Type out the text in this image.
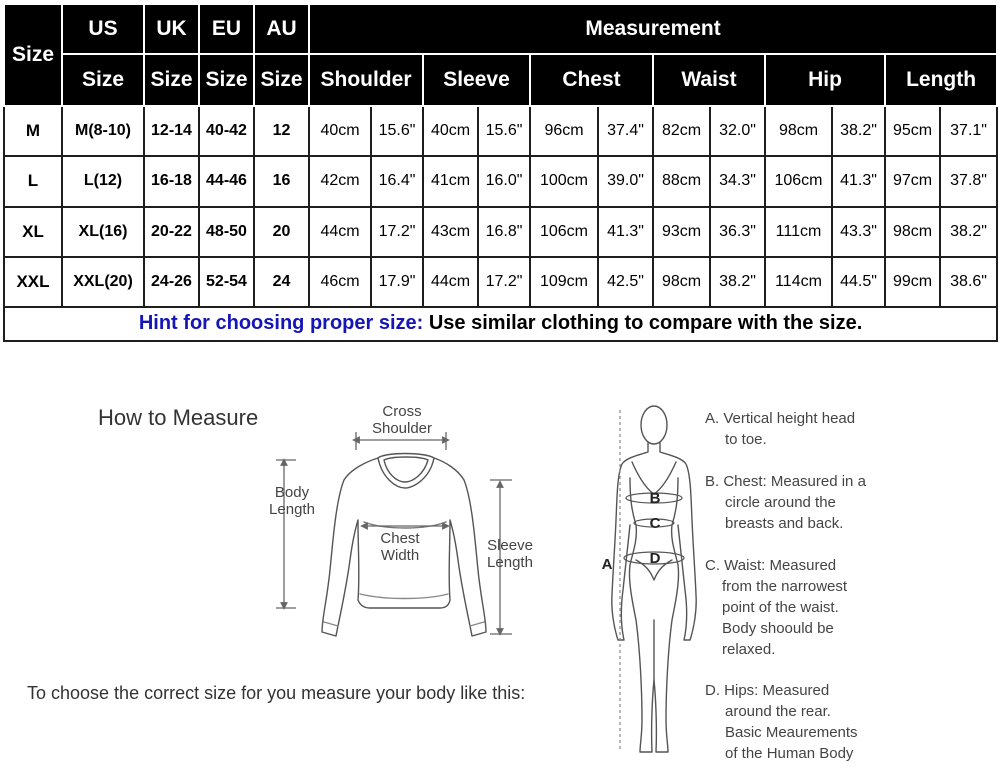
Size	US	UK	EU	AU	Measurement											
	Size	Size	Size	Size	Shoulder		Sleeve		Chest		Waist		Hip		Length	
M	M(8-10)	12-14	40-42	12	40cm	15.6"	40cm	15.6"	96cm	37.4"	82cm	32.0"	98cm	38.2"	95cm	37.1"
L	L(12)	16-18	44-46	16	42cm	16.4"	41cm	16.0"	100cm	39.0"	88cm	34.3"	106cm	41.3"	97cm	37.8"
XL	XL(16)	20-22	48-50	20	44cm	17.2"	43cm	16.8"	106cm	41.3"	93cm	36.3"	111cm	43.3"	98cm	38.2"
XXL	XXL(20)	24-26	52-54	24	46cm	17.9"	44cm	17.2"	109cm	42.5"	98cm	38.2"	114cm	44.5"	99cm	38.6"
Hint for choosing proper size: Use similar clothing to compare with the size.																
How to Measure	Cross
Shoulder
Body
Length
Chest
Width
Sleeve
Length	A
B
C
D
A. Vertical height head
to toe.
B. Chest: Measured in a
circle around the
breasts and back.
C. Waist: Measured
from the narrowest
point of the waist.
Body shoould be
relaxed.
D. Hips: Measured
around the rear.
Basic Meaurements
of the Human Body
To choose the correct size for you measure your body like this:
